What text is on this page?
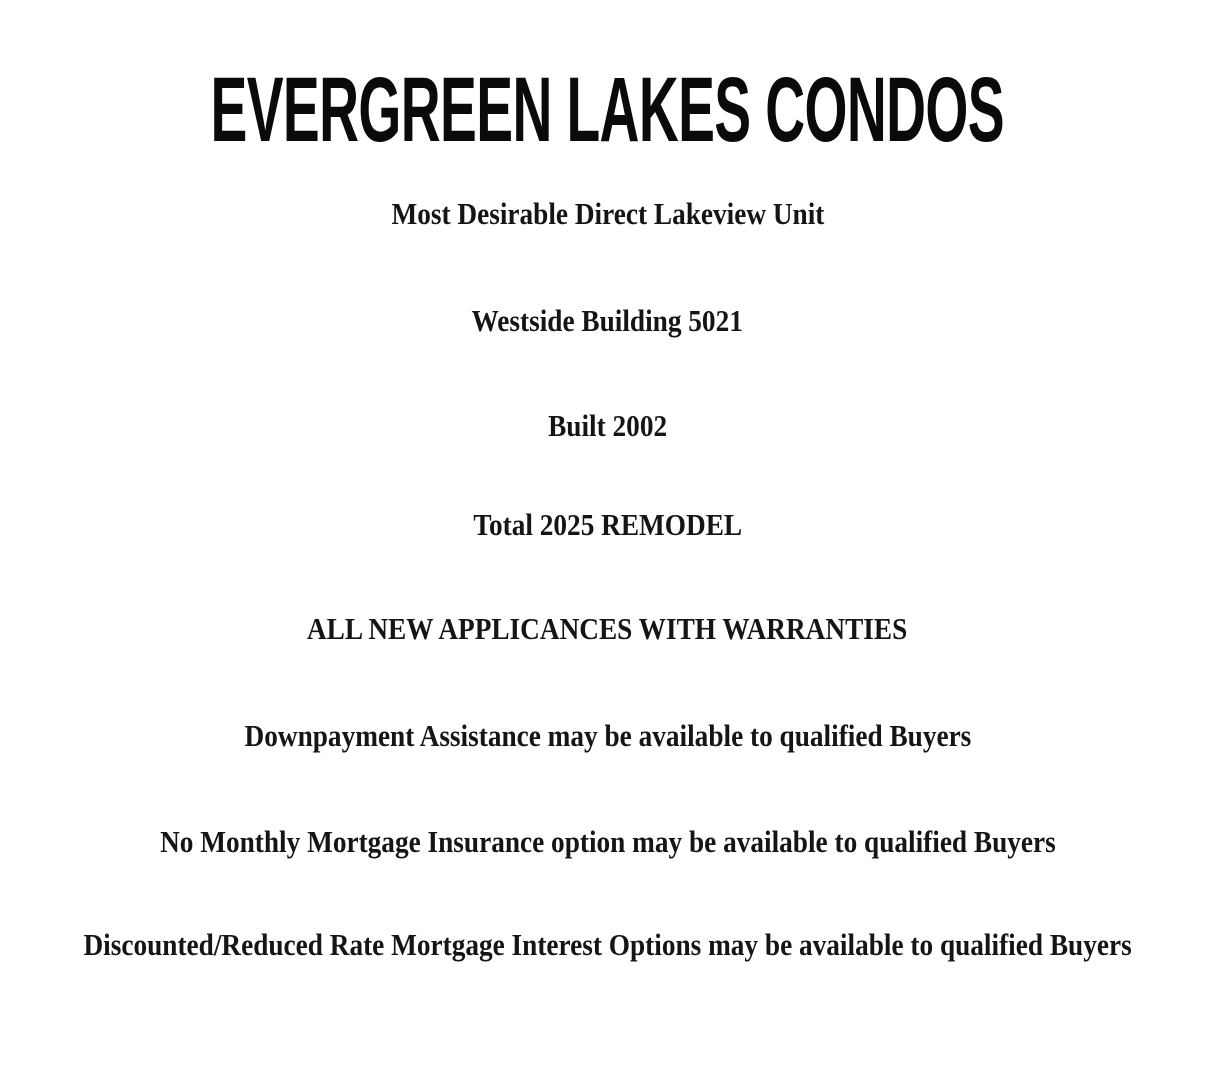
EVERGREEN LAKES CONDOS
Most Desirable Direct Lakeview Unit
Westside Building 5021
Built 2002
Total 2025 REMODEL
ALL NEW APPLICANCES WITH WARRANTIES
Downpayment Assistance may be available to qualified Buyers
No Monthly Mortgage Insurance option may be available to qualified Buyers
Discounted/Reduced Rate Mortgage Interest Options may be available to qualified Buyers
